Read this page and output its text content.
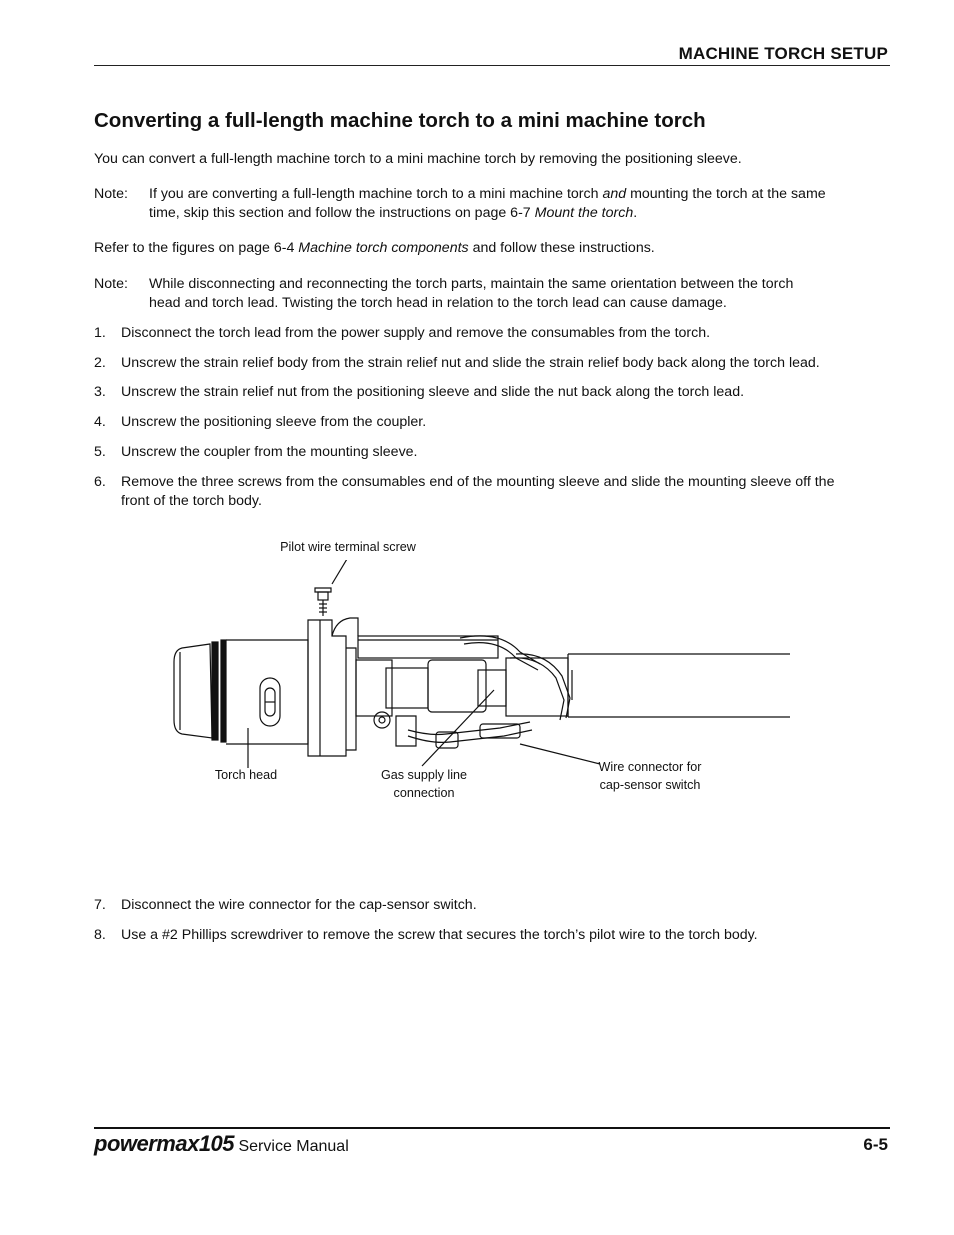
MACHINE TORCH SETUP
Converting a full-length machine torch to a mini machine torch

You can convert a full-length machine torch to a mini machine torch by removing the positioning sleeve.

Note: If you are converting a full-length machine torch to a mini machine torch and mounting the torch at the same
time, skip this section and follow the instructions on page 6-7 Mount the torch.

Refer to the figures on page 6-4 Machine torch components and follow these instructions.

Note: While disconnecting and reconnecting the torch parts, maintain the same orientation between the torch
head and torch lead. Twisting the torch head in relation to the torch lead can cause damage.
1. Disconnect the torch lead from the power supply and remove the consumables from the torch.
2. Unscrew the strain relief body from the strain relief nut and slide the strain relief body back along the torch lead.
3. Unscrew the strain relief nut from the positioning sleeve and slide the nut back along the torch lead.
4. Unscrew the positioning sleeve from the coupler.
5. Unscrew the coupler from the mounting sleeve.
6. Remove the three screws from the consumables end of the mounting sleeve and slide the mounting sleeve off the
front of the torch body.
Pilot wire terminal screw
Torch head	Gas supply line
connection
Wire connector for
cap-sensor switch
7. Disconnect the wire connector for the cap-sensor switch.
8. Use a #2 Phillips screwdriver to remove the screw that secures the torch’s pilot wire to the torch body.
powermax105 Service Manual	6-5
